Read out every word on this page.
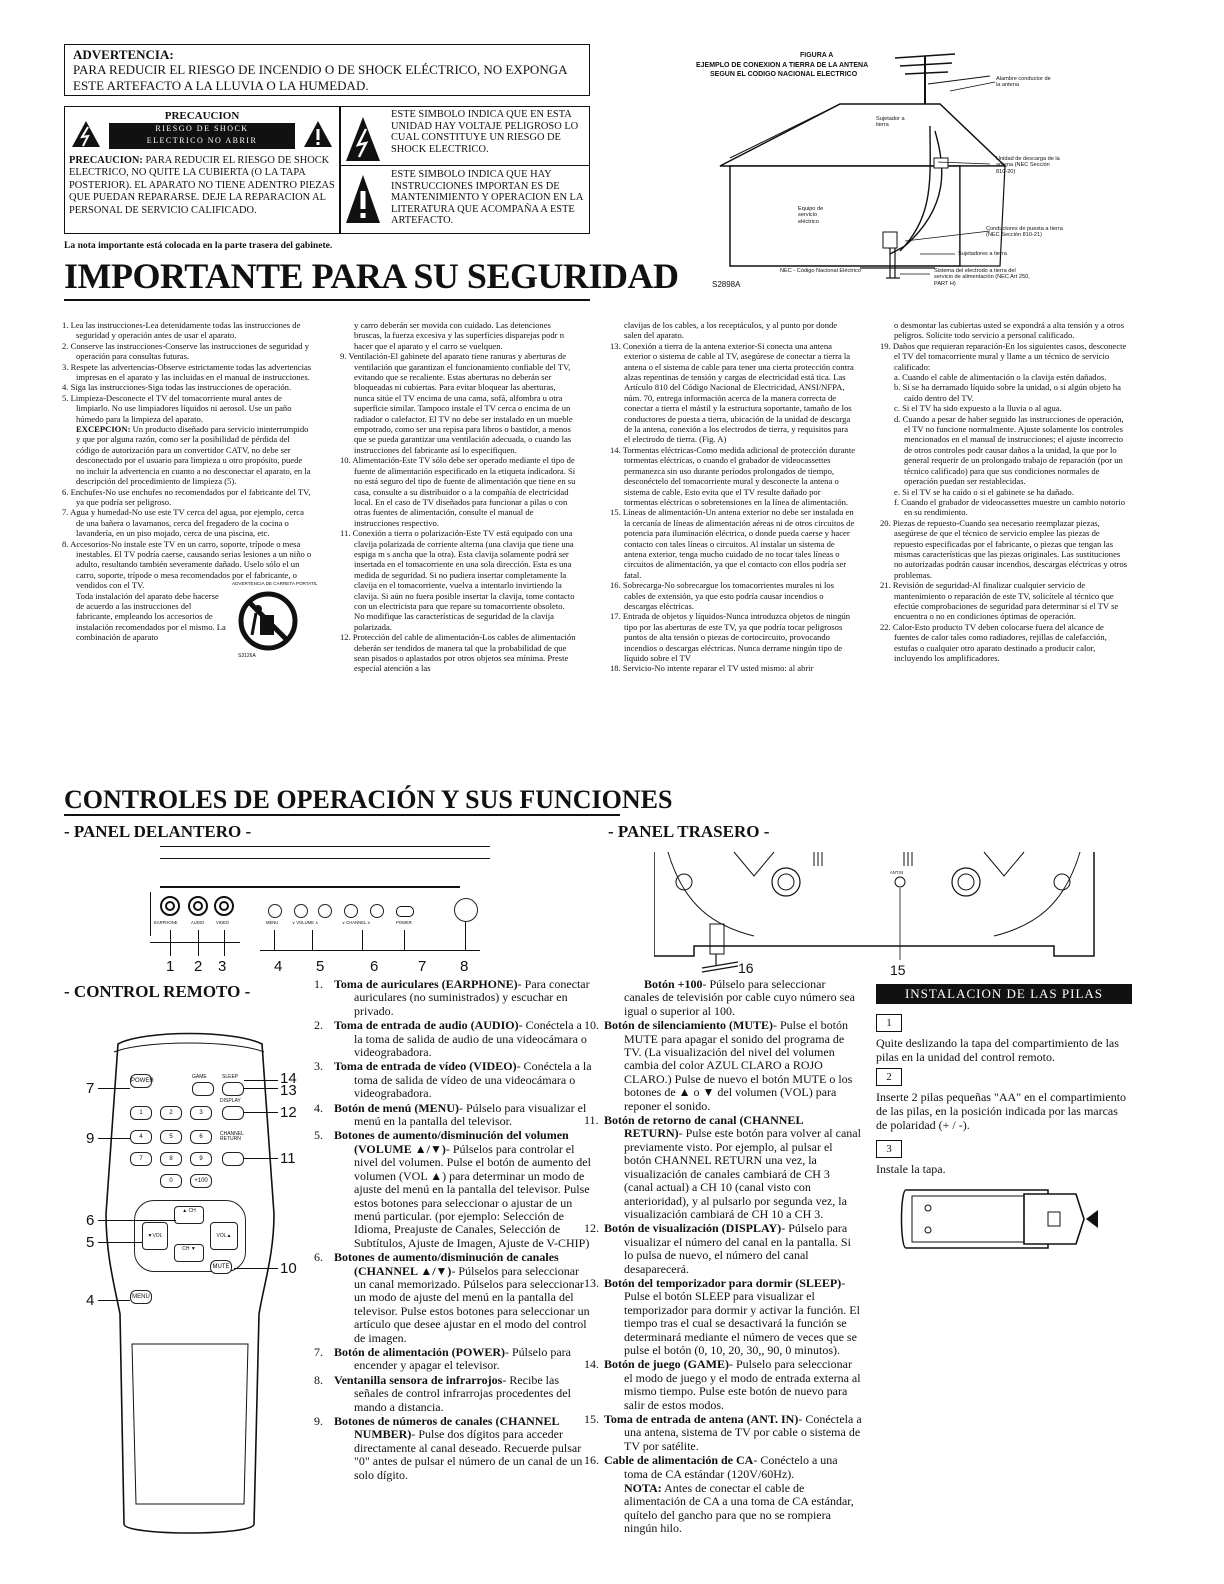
ADVERTENCIA:
PARA REDUCIR EL RIESGO DE INCENDIO O DE SHOCK ELÉCTRICO, NO EXPONGA ESTE ARTEFACTO A LA LLUVIA O LA HUMEDAD.
PRECAUCION
RIESGO DE SHOCK
ELECTRICO NO ABRIR
PRECAUCION: PARA REDUCIR EL RIESGO DE SHOCK ELECTRICO, NO QUITE LA CUBIERTA (O LA TAPA POSTERIOR). EL APARATO NO TIENE ADENTRO PIEZAS QUE PUEDAN REPARARSE. DEJE LA REPARACION AL PERSONAL DE SERVICIO CALIFICADO.
ESTE SIMBOLO INDICA QUE EN ESTA UNIDAD HAY VOLTAJE PELIGROSO LO CUAL CONSTITUYE UN RIESGO DE SHOCK ELECTRICO.
ESTE SIMBOLO INDICA QUE HAY INSTRUCCIONES IMPORTAN ES DE MANTENIMIENTO Y OPERACION EN LA LITERATURA QUE ACOMPAÑA A ESTE ARTEFACTO.
La nota importante está colocada en la parte trasera del gabinete.
FIGURA A
EJEMPLO DE CONEXION A TIERRA DE LA ANTENA
SEGUN EL CODIGO NACIONAL ELECTRICO
Alambre conductor de la antena
Sujetador a tierra
Unidad de descarga de la antena (NEC Sección 810-20)
Equipo de servicio eléctrico
Conductores de puesta a tierra (NEC Sección 810-21)
Sujetadores a tierra
NEC - Código Nacional Eléctrico	Sistema del electrodo a tierra del servicio de alimentación (NEC Art 250, PART H)
S2898A
IMPORTANTE PARA SU SEGURIDAD

1. Lea las instrucciones-Lea detenidamente todas las instrucciones de seguridad y operación antes de usar el aparato.

2. Conserve las instrucciones-Conserve las instrucciones de seguridad y operación para consultas futuras.

3. Respete las advertencias-Observe estrictamente todas las advertencias impresas en el aparato y las incluidas en el manual de instrucciones.

4. Siga las instrucciones-Siga todas las instrucciones de operación.

5. Limpieza-Desconecte el TV del tomacorriente mural antes de limpiarlo. No use limpiadores líquidos ni aerosol. Use un paño húmedo para la limpieza del aparato.

EXCEPCION: Un producto diseñado para servicio ininterrumpido y que por alguna razón, como ser la posibilidad de pérdida del código de autorización para un convertidor CATV, no debe ser desconectado por el usuario para limpieza u otro propósito, puede no incluir la advertencia en cuanto a no desconectar el aparato, en la descripción del procedimiento de limpieza (5).

6. Enchufes-No use enchufes no recomendados por el fabricante del TV, ya que podría ser peligroso.

7. Agua y humedad-No use este TV cerca del agua, por ejemplo, cerca de una bañera o lavamanos, cerca del fregadero de la cocina o lavandería, en un piso mojado, cerca de una piscina, etc.

8. Accesorios-No instale este TV en un carro, soporte, trípode o mesa inestables. El TV podría caerse, causando serias lesiones a un niño o adulto, resultando también severamente dañado. Uselo sólo el un carro, soporte, trípode o mesa recomendados por el fabricante, o vendidos con el TV.

Toda instalación del aparato debe hacerse de acuerdo a las instrucciones del fabricante, empleando los accesorios de instalación recomendados por el mismo. La combinación de aparato

ADVERTENCIA DE CARRETA PORTATIL
S3126A

y carro deberán ser movida con cuidado. Las detenciones bruscas, la fuerza excesiva y las superficies disparejas podr n hacer que el aparato y el carro se vuelquen.

9. Ventilación-El gabinete del aparato tiene ranuras y aberturas de ventilación que garantizan el funcionamiento confiable del TV, evitando que se recaliente. Estas aberturas no deberán ser bloqueadas ni cubiertas. Para evitar bloquear las aberturas, nunca sitúe el TV encima de una cama, sofá, alfombra u otra superficie similar. Tampoco instale el TV cerca o encima de un radiador o calefactor. El TV no debe ser instalado en un mueble empotrado, como ser una repisa para libros o bastidor, a menos que se pueda garantizar una ventilación adecuada, o cuando las instrucciones del fabricante así lo especifiquen.

10. Alimentación-Este TV sólo debe ser operado mediante el tipo de fuente de alimentación especificado en la etiqueta indicadora. Si no está seguro del tipo de fuente de alimentación que tiene en su casa, consulte a su distribuidor o a la compañía de electricidad local. En el caso de TV diseñados para funcionar a pilas o con otras fuentes de alimentación, consulte el manual de instrucciones respectivo.

11. Conexión a tierra o polarización-Este TV está equipado con una clavija polarizada de corriente alterna (una clavija que tiene una espiga m s ancha que la otra). Esta clavija solamente podrá ser insertada en el tomacorriente en una sola dirección. Esta es una medida de seguridad. Si no pudiera insertar completamente la clavija en el tomacorriente, vuelva a intentarlo invirtiendo la clavija. Si aún no fuera posible insertar la clavija, tome contacto con un electricista para que repare su tomacorriente obsoleto. No modifique las características de seguridad de la clavija polarizada.

12. Protección del cable de alimentación-Los cables de alimentación deberán ser tendidos de manera tal que la probabilidad de que sean pisados o aplastados por otros objetos sea mínima. Preste especial atención a las

clavijas de los cables, a los receptáculos, y al punto por donde salen del aparato.

13. Conexión a tierra de la antena exterior-Si conecta una antena exterior o sistema de cable al TV, asegúrese de conectar a tierra la antena o el sistema de cable para tener una cierta protección contra alzas repentinas de tensión y cargas de electricidad está tica. Las Artículo 810 del Código Nacional de Electricidad, ANSI/NFPA, núm. 70, entrega información acerca de la manera correcta de conectar a tierra el mástil y la estructura soportante, tamaño de los conductores de puesta a tierra, ubicación de la unidad de descarga de la antena, conexión a los electrodos de tierra, y requisitos para el electrodo de tierra. (Fig. A)

14. Tormentas eléctricas-Como medida adicional de protección durante tormentas eléctricas, o cuando el grabador de videocassettes permanezca sin uso durante períodos prolongados de tiempo, desconéctelo del tomacorriente mural y desconecte la antena o sistema de cable. Esto evita que el TV resulte dañado por tormentas eléctricas o sobretensiones en la línea de alimentación.

15. Líneas de alimentación-Un antena exterior no debe ser instalada en la cercanía de líneas de alimentación aéreas ni de otros circuitos de potencia para iluminación eléctrica, o donde pueda caerse y hacer contacto con tales líneas o circuitos. Al instalar un sistema de antena exterior, tenga mucho cuidado de no tocar tales líneas o circuitos de alimentación, ya que el contacto con ellos podría ser fatal.

16. Sobrecarga-No sobrecargue los tomacorrientes murales ni los cables de extensión, ya que esto podría causar incendios o descargas eléctricas.

17. Entrada de objetos y líquidos-Nunca introduzca objetos de ningún tipo por las aberturas de este TV, ya que podría tocar peligrosos puntos de alta tensión o piezas de cortocircuito, provocando incendios o descargas eléctricas. Nunca derrame ningún tipo de líquido sobre el TV

18. Servicio-No intente reparar el TV usted mismo: al abrir

o desmontar las cubiertas usted se expondrá a alta tensión y a otros peligros. Solicite todo servicio a personal calificado.

19. Daños que requieran reparación-En los siguientes casos, desconecte el TV del tomacorriente mural y llame a un técnico de servicio calificado:

a. Cuando el cable de alimentación o la clavija estén dañados.

b. Si se ha derramado líquido sobre la unidad, o si algún objeto ha caído dentro del TV.

c. Si el TV ha sido expuesto a la lluvia o al agua.

d. Cuando a pesar de haber seguido las instrucciones de operación, el TV no funcione normalmente. Ajuste solamente los controles mencionados en el manual de instrucciones; el ajuste incorrecto de otros controles podr causar daños a la unidad, la que por lo general requerir de un prolongado trabajo de reparación (por un técnico calificado) para que sus condiciones normales de operación puedan ser restablecidas.

e. Si el TV se ha caído o si el gabinete se ha dañado.

f. Cuando el grabador de videocassettes muestre un cambio notorio en su rendimiento.

20. Piezas de repuesto-Cuando sea necesario reemplazar piezas, asegúrese de que el técnico de servicio emplee las piezas de repuesto especificadas por el fabricante, o piezas que tengan las mismas características que las piezas originales. Las sustituciones no autorizadas podrán causar incendios, descargas eléctricas y otros problemas.

21. Revisión de seguridad-Al finalizar cualquier servicio de mantenimiento o reparación de este TV, solicítele al técnico que efectúe comprobaciones de seguridad para determinar si el TV se encuentra o no en condiciones óptimas de operación.

22. Calor-Esto producto TV deben colocarse fuera del alcance de fuentes de calor tales como radiadores, rejillas de calefacción, estufas o cualquier otro aparato destinado a producir calor, incluyendo los amplificadores.

CONTROLES DE OPERACIÓN Y SUS FUNCIONES
- PANEL DELANTERO -	- PANEL TRASERO -
EARPHONE	AUDIO	VIDEO	MENU	∨ VOLUME ∧	∨ CHANNEL ∧	POWER
1 2 3	4 5	6	7 8
ANT.IN
16	15
- CONTROL REMOTO -
POWER
GAME	SLEEP
DISPLAY
1	2	3
4	5	6	CHANNEL RETURN
7	8	9
0	+100
▲ CH
▼VOL	VOL▲
CH ▼
MUTE
MENU
14
13
12
11
10
7
9
6
5
4

1.Toma de auriculares (EARPHONE)- Para conectar auriculares (no suministrados) y escuchar en privado.

2.Toma de entrada de audio (AUDIO)- Conéctela a la toma de salida de audio de una videocámara o videograbadora.

3.Toma de entrada de vídeo (VIDEO)- Conéctela a la toma de salida de vídeo de una videocámara o videograbadora.

4.Botón de menú (MENU)- Púlselo para visualizar el menú en la pantalla del televisor.

5.Botones de aumento/disminución del volumen (VOLUME ▲/▼)- Púlselos para controlar el nivel del volumen. Pulse el botón de aumento del volumen (VOL ▲) para determinar un modo de ajuste del menú en la pantalla del televisor. Pulse estos botones para seleccionar o ajustar de un menú particular. (por ejemplo: Selección de Idioma, Preajuste de Canales, Selección de Subtítulos, Ajuste de Imagen, Ajuste de V-CHIP)

6.Botones de aumento/disminución de canales (CHANNEL ▲/▼)- Púlselos para seleccionar un canal memorizado. Púlselos para seleccionar un modo de ajuste del menú en la pantalla del televisor. Pulse estos botones para seleccionar un artículo que desee ajustar en el modo del control de imagen.

7.Botón de alimentación (POWER)- Púlselo para encender y apagar el televisor.

8.Ventanilla sensora de infrarrojos- Recibe las señales de control infrarrojas procedentes del mando a distancia.

9.Botones de números de canales (CHANNEL NUMBER)- Pulse dos dígitos para acceder directamente al canal deseado. Recuerde pulsar "0" antes de pulsar el número de un canal de un solo dígito.

Botón +100- Púlselo para seleccionar canales de televisión por cable cuyo número sea igual o superior al 100.

10.Botón de silenciamiento (MUTE)- Pulse el botón MUTE para apagar el sonido del programa de TV. (La visualización del nivel del volumen cambia del color AZUL CLARO a ROJO CLARO.) Pulse de nuevo el botón MUTE o los botones de ▲ o ▼ del volumen (VOL) para reponer el sonido.

11.Botón de retorno de canal (CHANNEL RETURN)- Pulse este botón para volver al canal previamente visto. Por ejemplo, al pulsar el botón CHANNEL RETURN una vez, la visualización de canales cambiará de CH 3 (canal actual) a CH 10 (canal visto con anterioridad), y al pulsarlo por segunda vez, la visualización cambiará de CH 10 a CH 3.

12.Botón de visualización (DISPLAY)- Púlselo para visualizar el número del canal en la pantalla. Si lo pulsa de nuevo, el número del canal desaparecerá.

13.Botón del temporizador para dormir (SLEEP)- Pulse el botón SLEEP para visualizar el temporizador para dormir y activar la función. El tiempo tras el cual se desactivará la función se determinará mediante el número de veces que se pulse el botón (0, 10, 20, 30,, 90, 0 minutos).

14.Botón de juego (GAME)- Pulselo para seleccionar el modo de juego y el modo de entrada externa al mismo tiempo. Pulse este botón de nuevo para salir de estos modos.

15.Toma de entrada de antena (ANT. IN)- Conéctela a una antena, sistema de TV por cable o sistema de TV por satélite.

16.Cable de alimentación de CA- Conéctelo a una toma de CA estándar (120V/60Hz).

NOTA: Antes de conectar el cable de alimentación de CA a una toma de CA estándar, quítelo del gancho para que no se rompiera ningún hilo.

INSTALACION DE LAS PILAS
1
Quite deslizando la tapa del compartimiento de las pilas en la unidad del control remoto.
2
Inserte 2 pilas pequeñas "AA" en el compartimiento de las pilas, en la posición indicada por las marcas de polaridad (+ / -).
3
Instale la tapa.
